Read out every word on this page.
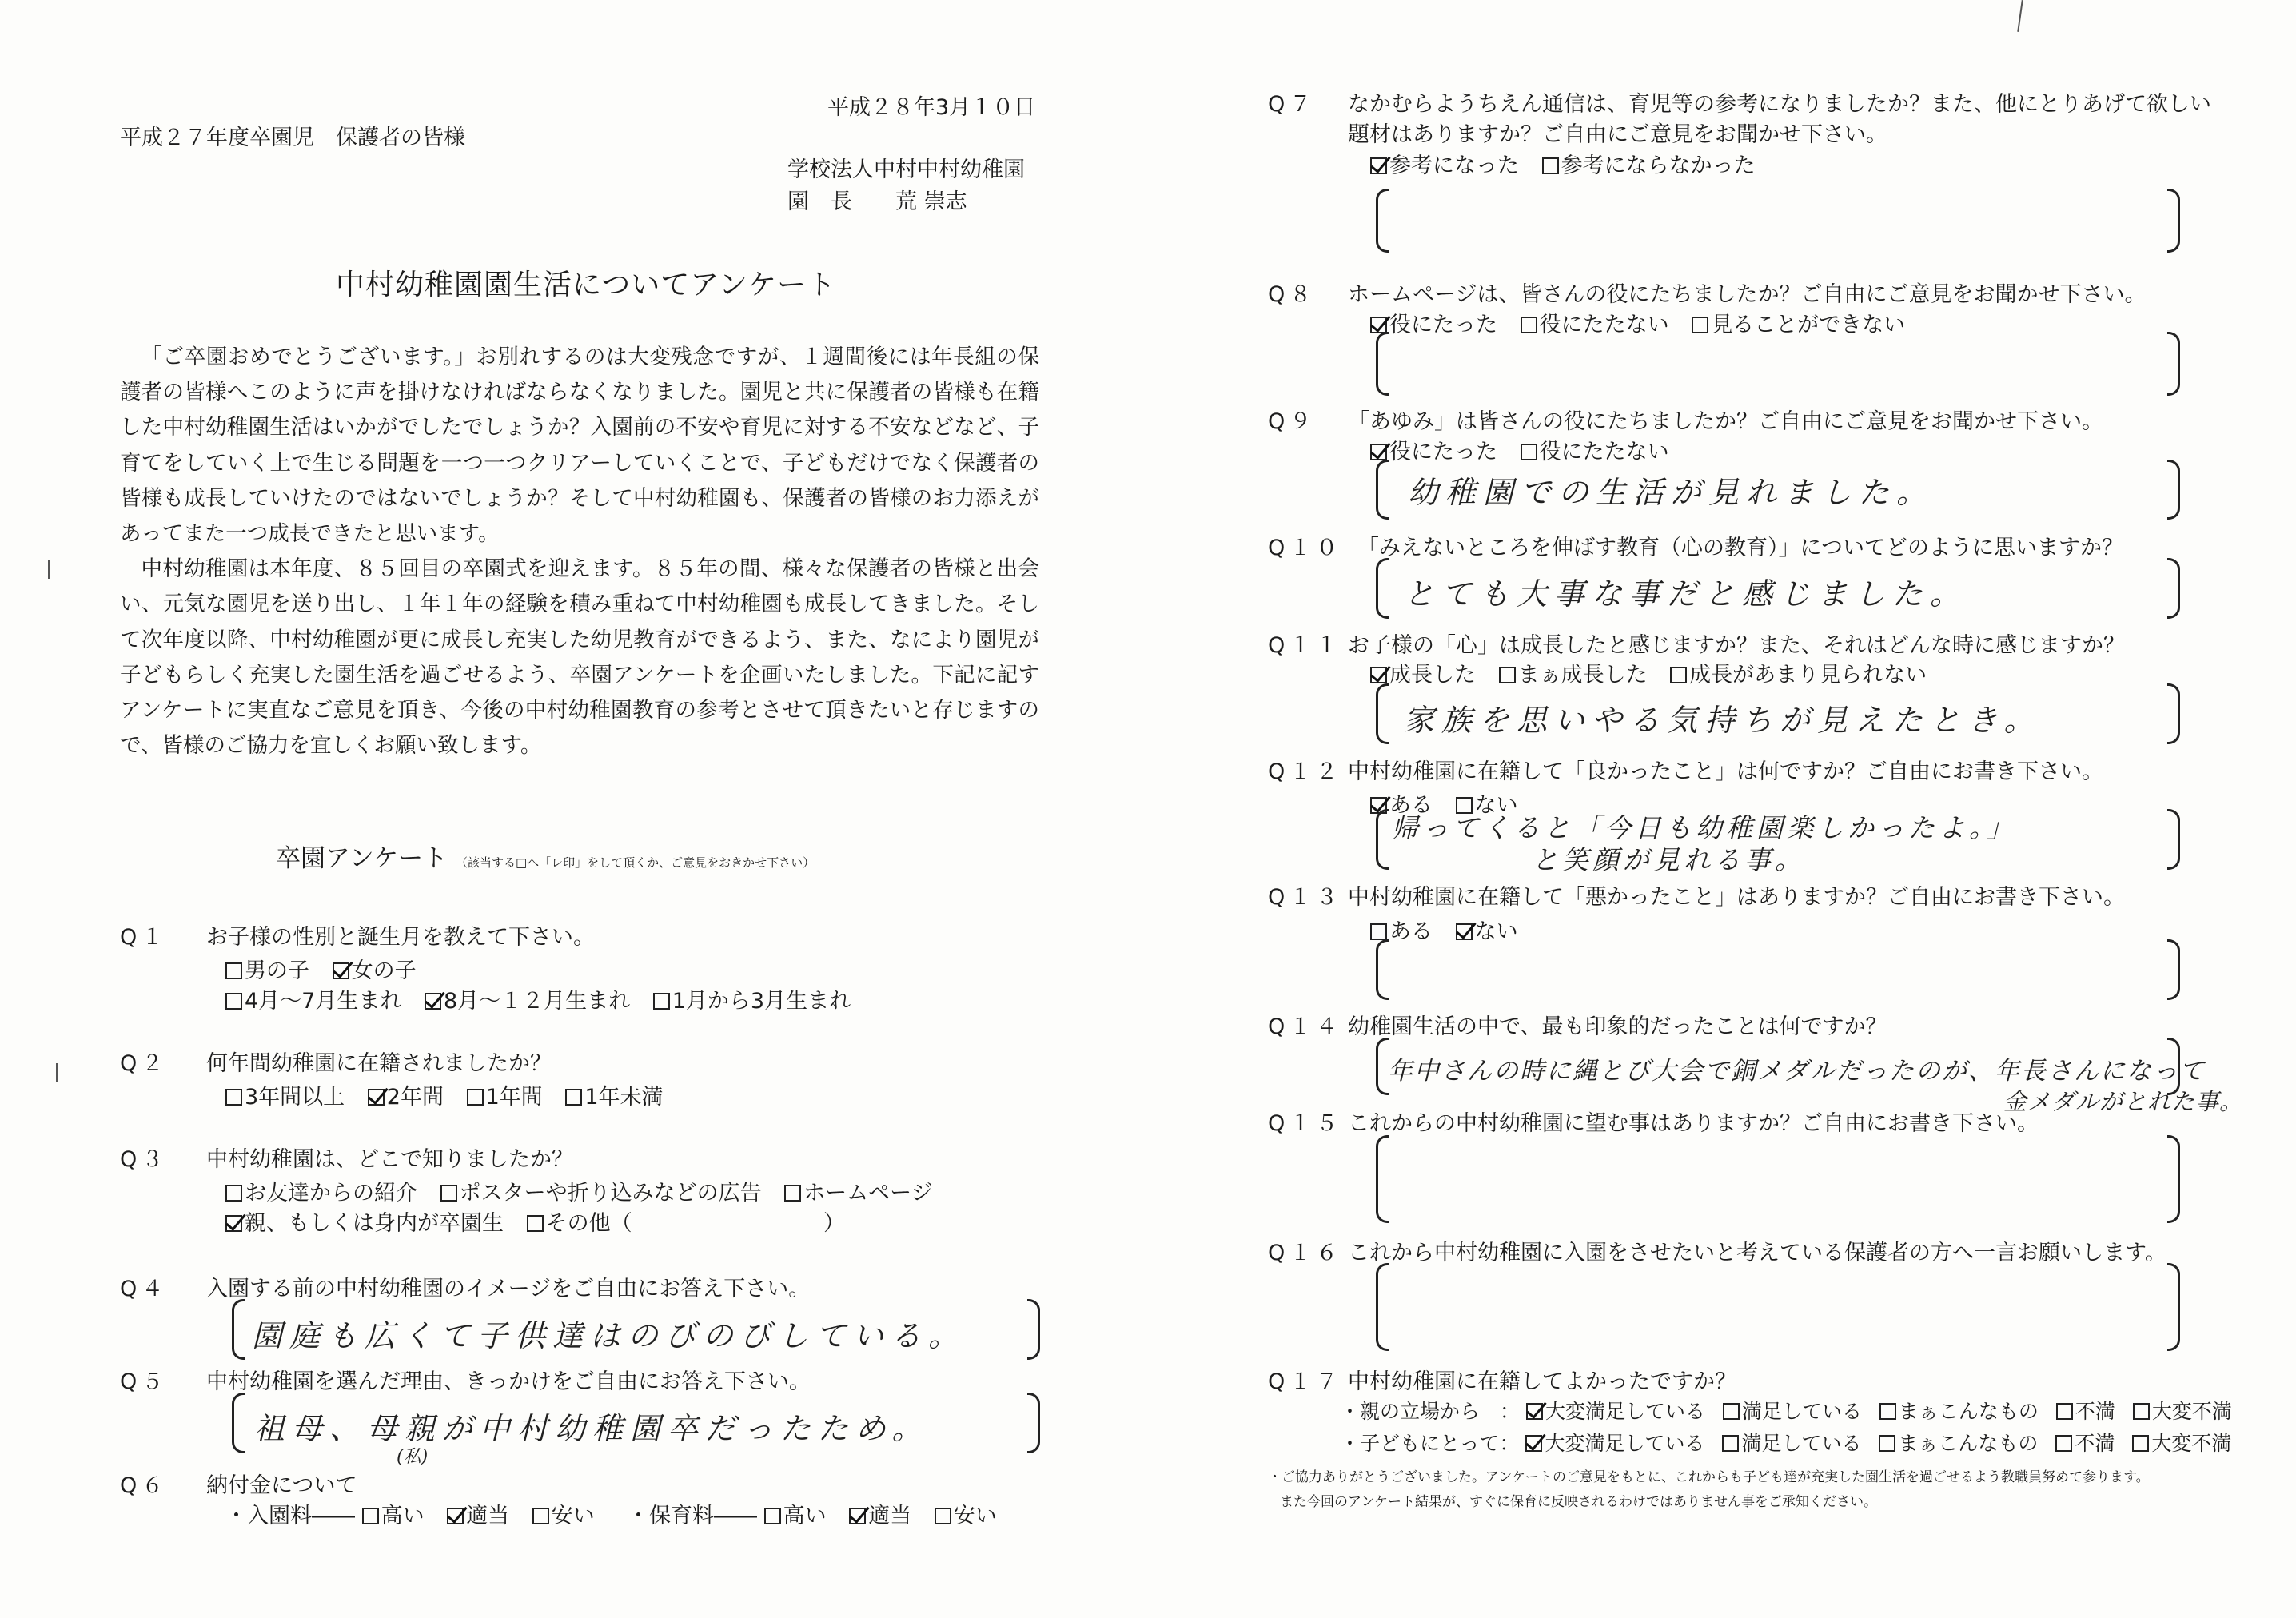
平成２８年3月１０日
平成２７年度卒園児　保護者の皆様
学校法人中村中村幼稚園
園　長　　荒 崇志
中村幼稚園園生活についてアンケート

「ご卒園おめでとうございます。」お別れするのは大変残念ですが、１週間後には年長組の保護者の皆様へこのように声を掛けなければならなくなりました。園児と共に保護者の皆様も在籍した中村幼稚園生活はいかがでしたでしょうか？入園前の不安や育児に対する不安などなど、子育てをしていく上で生じる問題を一つ一つクリアーしていくことで、子どもだけでなく保護者の皆様も成長していけたのではないでしょうか？そして中村幼稚園も、保護者の皆様のお力添えがあってまた一つ成長できたと思います。

中村幼稚園は本年度、８５回目の卒園式を迎えます。８５年の間、様々な保護者の皆様と出会い、元気な園児を送り出し、１年１年の経験を積み重ねて中村幼稚園も成長してきました。そして次年度以降、中村幼稚園が更に成長し充実した幼児教育ができるよう、また、なにより園児が子どもらしく充実した園生活を過ごせるよう、卒園アンケートを企画いたしました。下記に記すアンケートに実直なご意見を頂き、今後の中村幼稚園教育の参考とさせて頂きたいと存じますので、皆様のご協力を宜しくお願い致します。

卒園アンケート （該当する□へ「レ印」をして頂くか、ご意見をおきかせ下さい）
Q１ お子様の性別と誕生月を教えて下さい。
男の子 女の子
4月～7月生まれ 8月～１２月生まれ 1月から3月生まれ
Q２ 何年間幼稚園に在籍されましたか？
3年間以上 2年間 1年間 1年未満
Q３ 中村幼稚園は、どこで知りましたか？
お友達からの紹介 ポスターや折り込みなどの広告 ホームページ
親、もしくは身内が卒園生 その他（	）
Q４ 入園する前の中村幼稚園のイメージをご自由にお答え下さい。
園庭も広くて子供達はのびのびしている。
Q５ 中村幼稚園を選んだ理由、きっかけをご自由にお答え下さい。
祖母、母親が中村幼稚園卒だったため。
(私)
Q６ 納付金について
・入園料―― 高い 適当 安い	・保育料―― 高い 適当 安い
Q７ なかむらようちえん通信は、育児等の参考になりましたか？また、他にとりあげて欲しい
題材はありますか？ご自由にご意見をお聞かせ下さい。
参考になった 参考にならなかった
Q８ ホームページは、皆さんの役にたちましたか？ご自由にご意見をお聞かせ下さい。
役にたった 役にたたない 見ることができない
Q９ 「あゆみ」は皆さんの役にたちましたか？ご自由にご意見をお聞かせ下さい。
役にたった 役にたたない
幼稚園での生活が見れました。
Q１０ 「みえないところを伸ばす教育（心の教育）」についてどのように思いますか？
とても大事な事だと感じました。
Q１１ お子様の「心」は成長したと感じますか？また、それはどんな時に感じますか？
成長した まぁ成長した 成長があまり見られない
家族を思いやる気持ちが見えたとき。
Q１２ 中村幼稚園に在籍して「良かったこと」は何ですか？ご自由にお書き下さい。
ある ない
帰ってくると「今日も幼稚園楽しかったよ。」
と笑顔が見れる事。
Q１３ 中村幼稚園に在籍して「悪かったこと」はありますか？ご自由にお書き下さい。
ある ない
Q１４ 幼稚園生活の中で、最も印象的だったことは何ですか？
年中さんの時に縄とび大会で銅メダルだったのが、年長さんになって
金メダルがとれた事。
Q１５ これからの中村幼稚園に望む事はありますか？ご自由にお書き下さい。
Q１６ これから中村幼稚園に入園をさせたいと考えている保護者の方へ一言お願いします。
Q１７ 中村幼稚園に在籍してよかったですか？
・親の立場から　： 大変満足している 満足している まぁこんなもの 不満 大変不満
・子どもにとって： 大変満足している 満足している まぁこんなもの 不満 大変不満
・ご協力ありがとうございました。アンケートのご意見をもとに、これからも子ども達が充実した園生活を過ごせるよう教職員努めて参ります。
また今回のアンケート結果が、すぐに保育に反映されるわけではありません事をご承知ください。
